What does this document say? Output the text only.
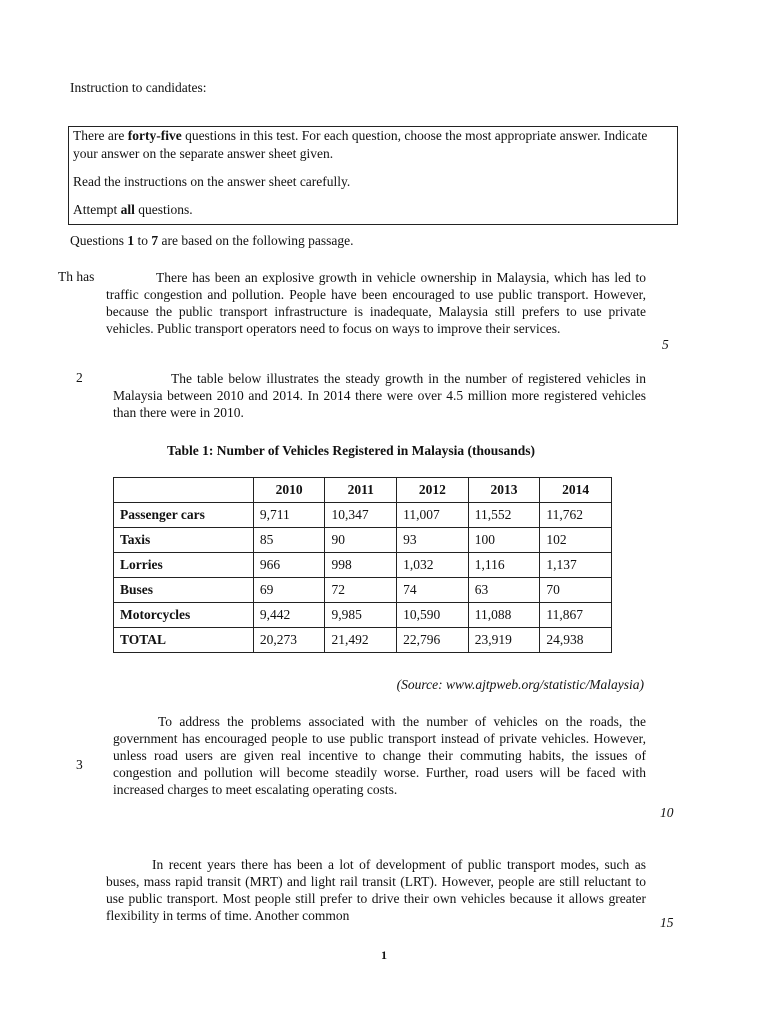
Instruction to candidates:

There are forty-five questions in this test. For each question, choose the most appropriate answer. Indicate your answer on the separate answer sheet given.

Read the instructions on the answer sheet carefully.

Attempt all questions.

Questions 1 to 7 are based on the following passage.
Th has	There has been an explosive growth in vehicle ownership in Malaysia, which has led to traffic congestion and pollution. People have been encouraged to use public transport. However, because the public transport infrastructure is inadequate, Malaysia still prefers to use private vehicles. Public transport operators need to focus on ways to improve their services.

5
2	The table below illustrates the steady growth in the number of registered vehicles in Malaysia between 2010 and 2014. In 2014 there were over 4.5 million more registered vehicles than there were in 2010.

Table 1: Number of Vehicles Registered in Malaysia (thousands)
	2010	2011	2012	2013	2014
Passenger cars	9,711	10,347	11,007	11,552	11,762
Taxis	85	90	93	100	102
Lorries	966	998	1,032	1,116	1,137
Buses	69	72	74	63	70
Motorcycles	9,442	9,985	10,590	11,088	11,867
TOTAL	20,273	21,492	22,796	23,919	24,938
(Source: www.ajtpweb.org/statistic/Malaysia)
3

To address the problems associated with the number of vehicles on the roads, the government has encouraged people to use public transport instead of private vehicles. However, unless road users are given real incentive to change their commuting habits, the issues of congestion and pollution will become steadily worse. Further, road users will be faced with increased charges to meet escalating operating costs.

10

In recent years there has been a lot of development of public transport modes, such as buses, mass rapid transit (MRT) and light rail transit (LRT). However, people are still reluctant to use public transport. Most people still prefer to drive their own vehicles because it allows greater flexibility in terms of time. Another common	15
1
